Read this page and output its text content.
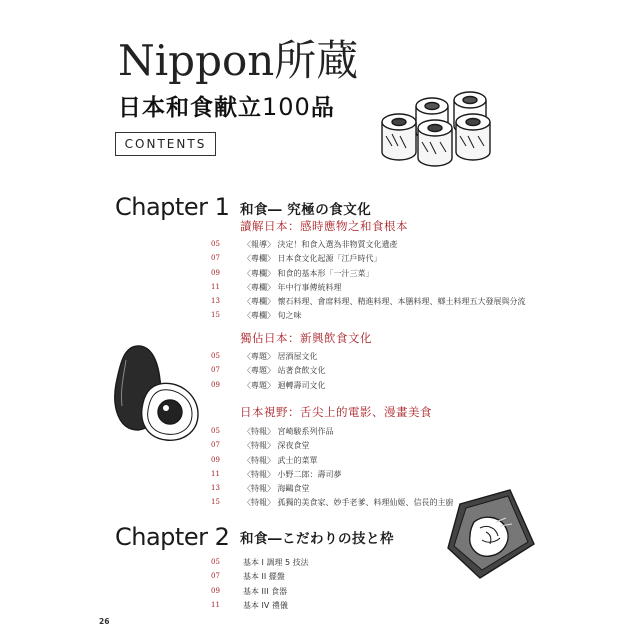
Nippon所蔵
日本和食献立100品
CONTENTS
Chapter 1 和食― 究極の食文化
讀解日本：感時應物之和食根本
05	〈報導〉 決定！和食入選為非物質文化遺產
07	〈專欄〉 日本食文化起源「江戶時代」
09	〈專欄〉 和食的基本形「一汁三菜」
11	〈專欄〉 年中行事傳統料理
13	〈專欄〉 懷石料理、會席料理、精進料理、本膳料理、鄉土料理五大發展與分流
15	〈專欄〉 旬之味
獨佔日本：新興飲食文化
05	〈專題〉 居酒屋文化
07	〈專題〉 站著食飲文化
09	〈專題〉 迴轉壽司文化
日本視野：舌尖上的電影、漫畫美食
05	〈特報〉 宮崎駿系列作品
07	〈特報〉 深夜食堂
09	〈特報〉 武士的菜單
11	〈特報〉 小野二郎：壽司夢
13	〈特報〉 海鷗食堂
15	〈特報〉 孤獨的美食家、妙手老爹、料理仙姬、信長的主廚
Chapter 2 和食―こだわりの技と枠
05	基本 I 調理 5 技法
07	基本 II 擺盤
09	基本 III 食器
11	基本 IV 禮儀
26
